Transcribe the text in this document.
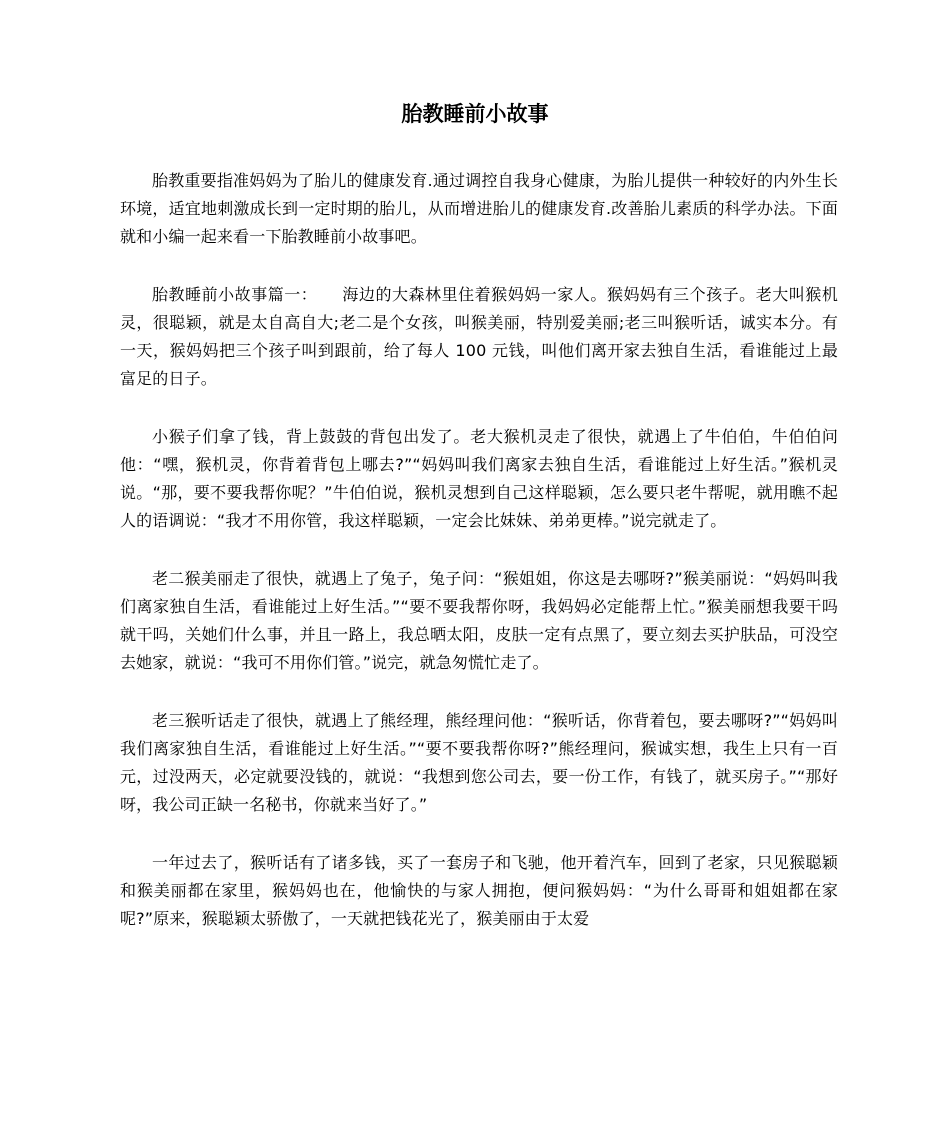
胎教睡前小故事

胎教重要指准妈妈为了胎儿的健康发育.通过调控自我身心健康，为胎儿提供一种较好的内外生长环境，适宜地刺激成长到一定时期的胎儿，从而增进胎儿的健康发育.改善胎儿素质的科学办法。下面就和小编一起来看一下胎教睡前小故事吧。

胎教睡前小故事篇一：　　海边的大森林里住着猴妈妈一家人。猴妈妈有三个孩子。老大叫猴机灵，很聪颖，就是太自高自大;老二是个女孩，叫猴美丽，特别爱美丽;老三叫猴听话，诚实本分。有一天，猴妈妈把三个孩子叫到跟前，给了每人 100 元钱，叫他们离开家去独自生活，看谁能过上最富足的日子。

小猴子们拿了钱，背上鼓鼓的背包出发了。老大猴机灵走了很快，就遇上了牛伯伯，牛伯伯问他：“嘿，猴机灵，你背着背包上哪去?”“妈妈叫我们离家去独自生活，看谁能过上好生活。”猴机灵说。“那，要不要我帮你呢？”牛伯伯说，猴机灵想到自己这样聪颖，怎么要只老牛帮呢，就用瞧不起人的语调说：“我才不用你管，我这样聪颖，一定会比妹妹、弟弟更棒。”说完就走了。

老二猴美丽走了很快，就遇上了兔子，兔子问：“猴姐姐，你这是去哪呀?”猴美丽说：“妈妈叫我们离家独自生活，看谁能过上好生活。”“要不要我帮你呀，我妈妈必定能帮上忙。”猴美丽想我要干吗就干吗，关她们什么事，并且一路上，我总晒太阳，皮肤一定有点黑了，要立刻去买护肤品，可没空去她家，就说：“我可不用你们管。”说完，就急匆慌忙走了。

老三猴听话走了很快，就遇上了熊经理，熊经理问他：“猴听话，你背着包，要去哪呀?”“妈妈叫我们离家独自生活，看谁能过上好生活。”“要不要我帮你呀?”熊经理问，猴诚实想，我生上只有一百元，过没两天，必定就要没钱的，就说：“我想到您公司去，要一份工作，有钱了，就买房子。”“那好呀，我公司正缺一名秘书，你就来当好了。”

一年过去了，猴听话有了诸多钱，买了一套房子和飞驰，他开着汽车，回到了老家，只见猴聪颖和猴美丽都在家里，猴妈妈也在，他愉快的与家人拥抱，便问猴妈妈：“为什么哥哥和姐姐都在家呢?”原来，猴聪颖太骄傲了，一天就把钱花光了，猴美丽由于太爱
